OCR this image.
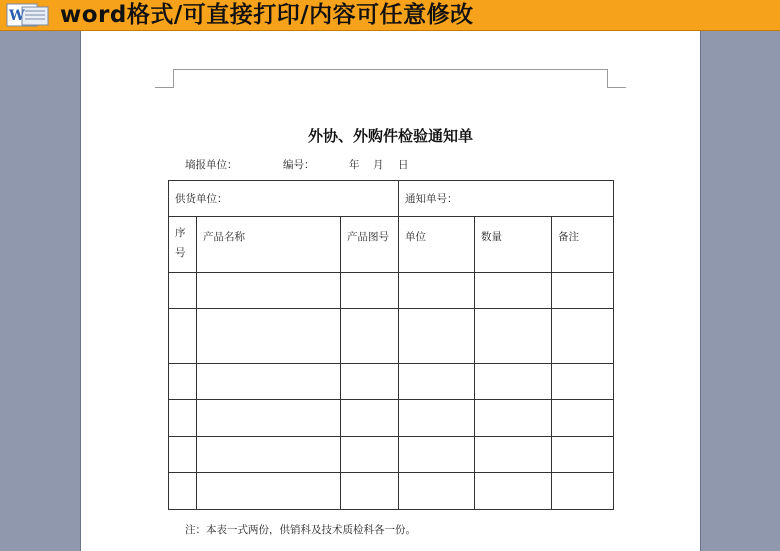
W word格式/可直接打印/内容可任意修改
外协、外购件检验通知单
墒报单位：	编号：	年 月 日
供货单位：			通知单号：		
序号	产品名称	产品图号	单位	数量	备注

注：本表一式两份，供销科及技术质检科各一份。
